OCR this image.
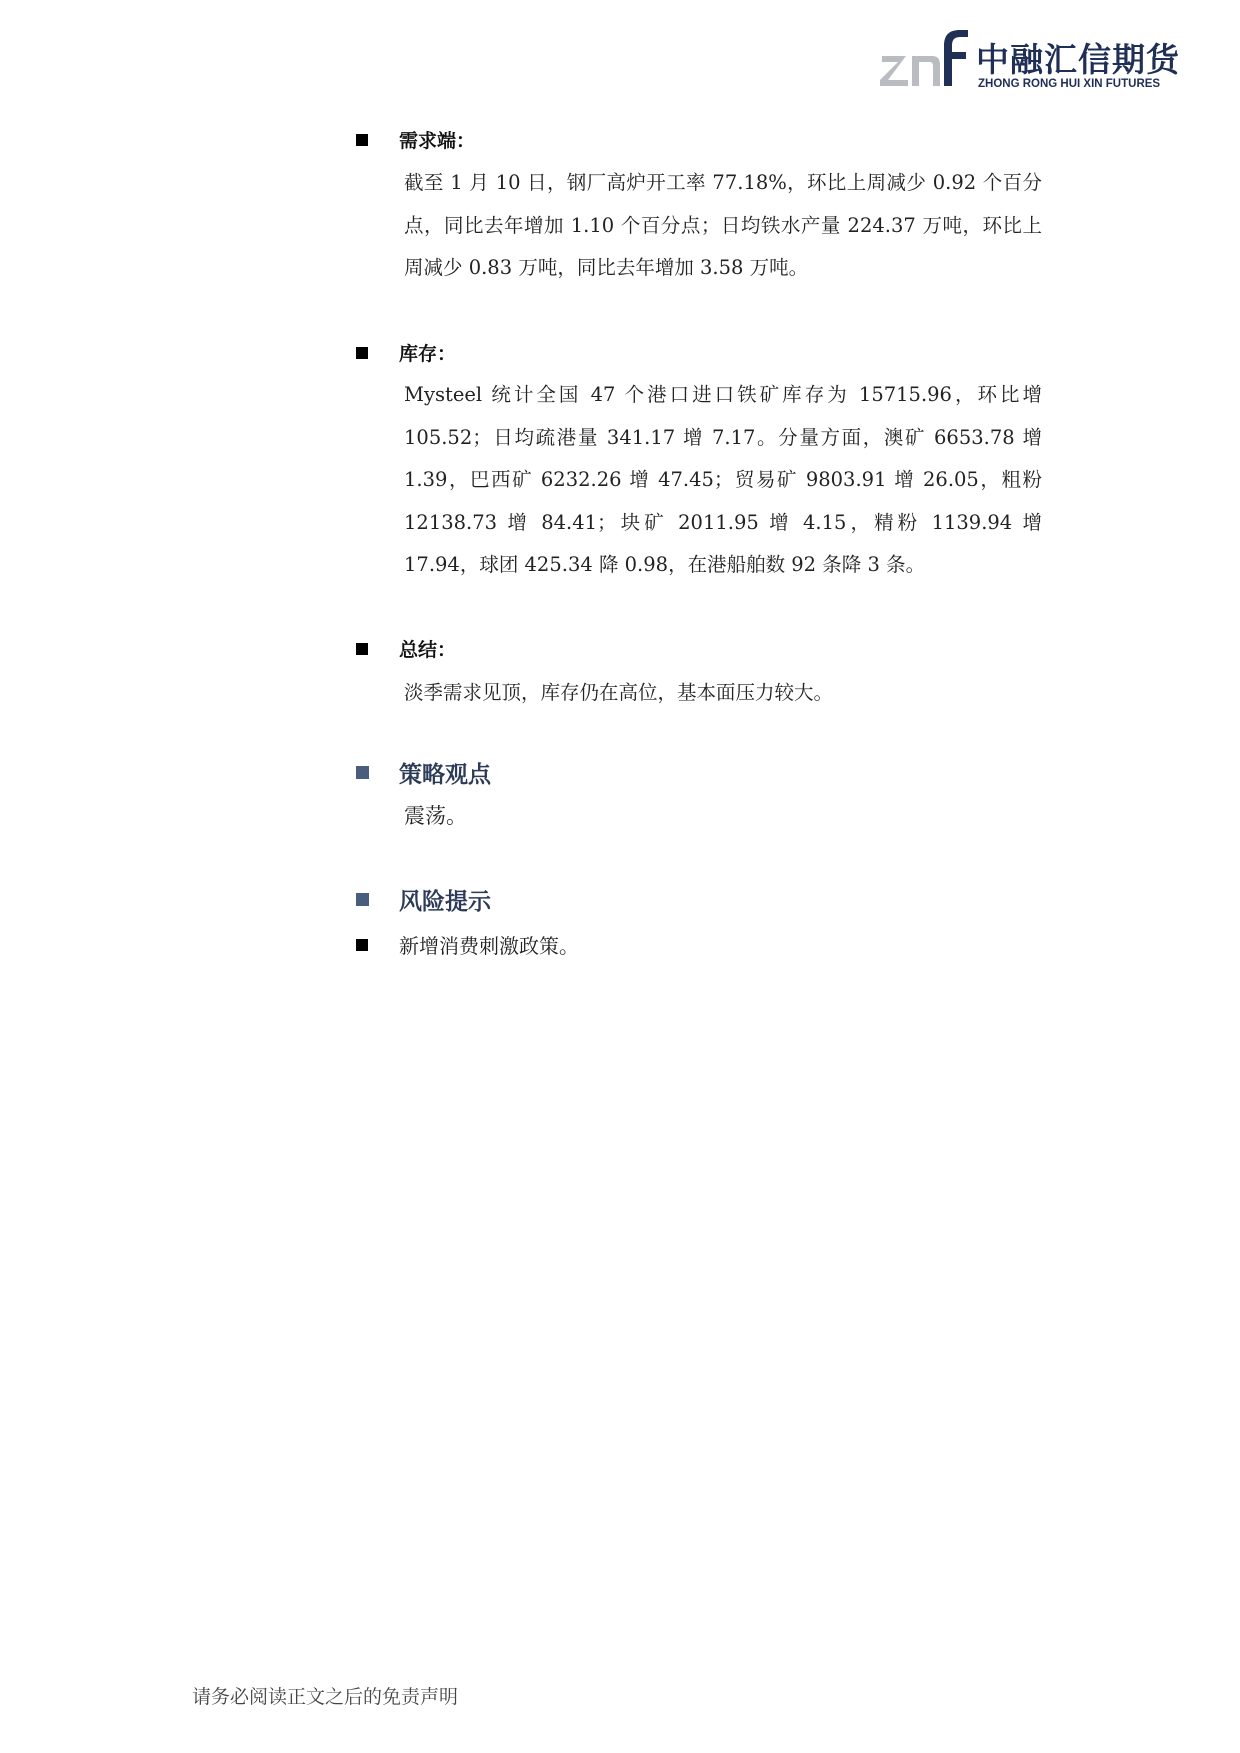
中融汇信期货
ZHONG RONG HUI XIN FUTURES
需求端：
截至 1 月 10 日，钢厂高炉开工率 77.18%，环比上周减少 0.92 个百分点，同比去年增加 1.10 个百分点；日均铁水产量 224.37 万吨，环比上周减少 0.83 万吨，同比去年增加 3.58 万吨。
库存：
Mysteel 统计全国 47 个港口进口铁矿库存为 15715.96，环比增 105.52；日均疏港量 341.17 增 7.17。分量方面，澳矿 6653.78 增 1.39，巴西矿 6232.26 增 47.45；贸易矿 9803.91 增 26.05，粗粉 12138.73 增 84.41；块矿 2011.95 增 4.15，精粉 1139.94 增 17.94，球团 425.34 降 0.98，在港船舶数 92 条降 3 条。
总结：
淡季需求见顶，库存仍在高位，基本面压力较大。
策略观点
震荡。
风险提示
新增消费刺激政策。
请务必阅读正文之后的免责声明
